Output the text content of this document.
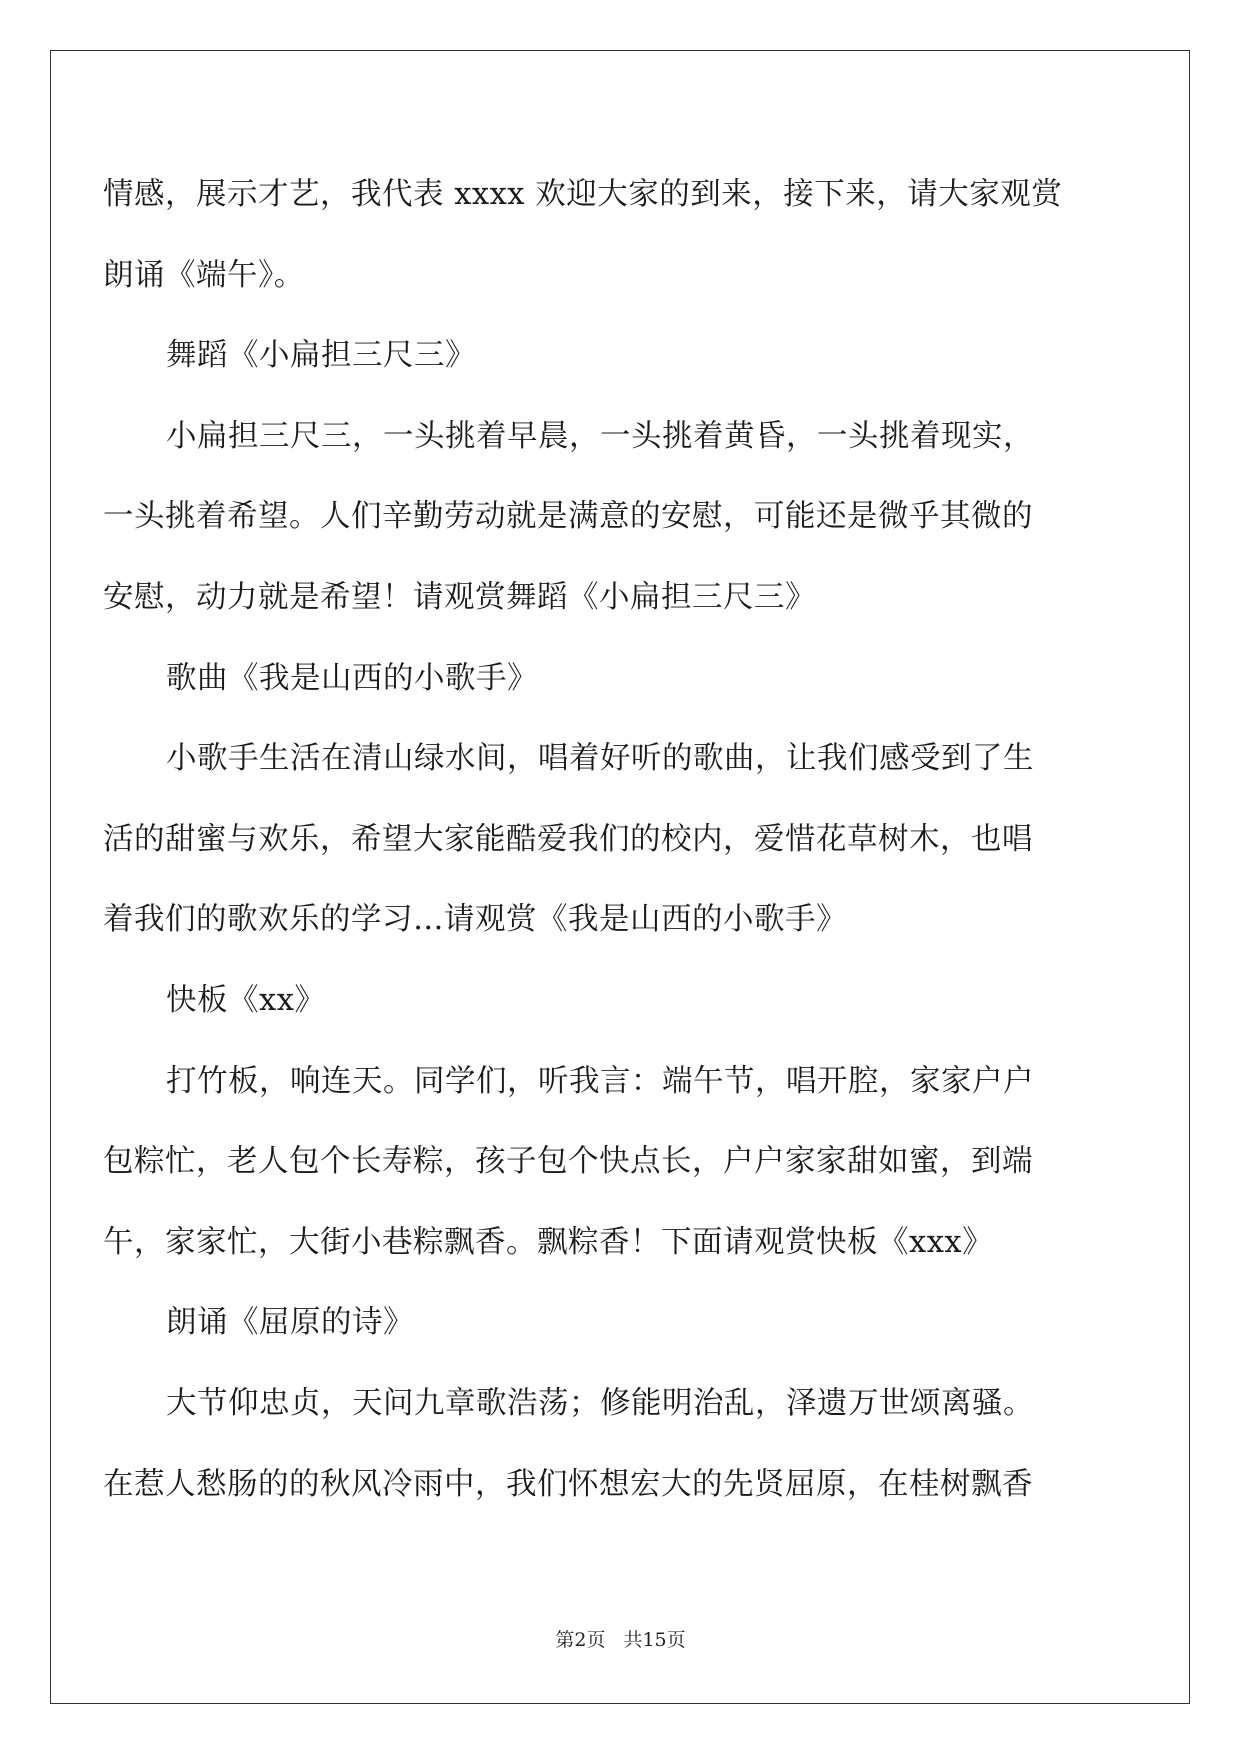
情感，展示才艺，我代表 xxxx 欢迎大家的到来，接下来，请大家观赏

朗诵《端午》。

舞蹈《小扁担三尺三》

小扁担三尺三，一头挑着早晨，一头挑着黄昏，一头挑着现实，

一头挑着希望。人们辛勤劳动就是满意的安慰，可能还是微乎其微的

安慰，动力就是希望！请观赏舞蹈《小扁担三尺三》

歌曲《我是山西的小歌手》

小歌手生活在清山绿水间，唱着好听的歌曲，让我们感受到了生

活的甜蜜与欢乐，希望大家能酷爱我们的校内，爱惜花草树木，也唱

着我们的歌欢乐的学习…请观赏《我是山西的小歌手》

快板《xx》

打竹板，响连天。同学们，听我言：端午节，唱开腔，家家户户

包粽忙，老人包个长寿粽，孩子包个快点长，户户家家甜如蜜，到端

午，家家忙，大街小巷粽飘香。飘粽香！下面请观赏快板《xxx》

朗诵《屈原的诗》

大节仰忠贞，天问九章歌浩荡；修能明治乱，泽遗万世颂离骚。

在惹人愁肠的的秋风冷雨中，我们怀想宏大的先贤屈原，在桂树飘香

第2页 共15页
